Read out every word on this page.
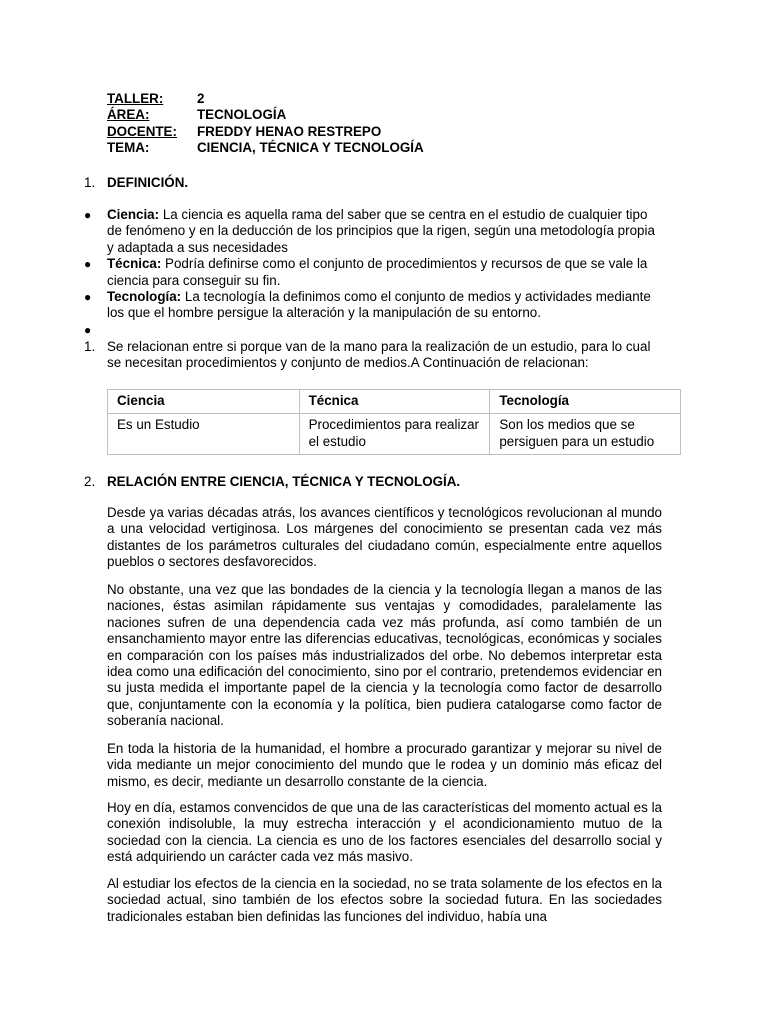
TALLER:	2
ÁREA:	TECNOLOGÍA
DOCENTE: FREDDY HENAO RESTREPO
TEMA:	CIENCIA, TÉCNICA Y TECNOLOGÍA
1. DEFINICIÓN.
● Ciencia: La ciencia es aquella rama del saber que se centra en el estudio de cualquier tipo de fenómeno y en la deducción de los principios que la rigen, según una metodología propia y adaptada a sus necesidades
● Técnica: Podría definirse como el conjunto de procedimientos y recursos de que se vale la ciencia para conseguir su fin.
● Tecnología: La tecnología la definimos como el conjunto de medios y actividades mediante los que el hombre persigue la alteración y la manipulación de su entorno.
●
1. Se relacionan entre si porque van de la mano para la realización de un estudio, para lo cual se necesitan procedimientos y conjunto de medios.A Continuación de relacionan:
Ciencia	Técnica	Tecnología
Es un Estudio	Procedimientos para realizar el estudio	Son los medios que se persiguen para un estudio
2. RELACIÓN ENTRE CIENCIA, TÉCNICA Y TECNOLOGÍA.

Desde ya varias décadas atrás, los avances científicos y tecnológicos revolucionan al mundo a una velocidad vertiginosa. Los márgenes del conocimiento se presentan cada vez más distantes de los parámetros culturales del ciudadano común, especialmente entre aquellos pueblos o sectores desfavorecidos.

No obstante, una vez que las bondades de la ciencia y la tecnología llegan a manos de las naciones, éstas asimilan rápidamente sus ventajas y comodidades, paralelamente las naciones sufren de una dependencia cada vez más profunda, así como también de un ensanchamiento mayor entre las diferencias educativas, tecnológicas, económicas y sociales en comparación con los países más industrializados del orbe. No debemos interpretar esta idea como una edificación del conocimiento, sino por el contrario, pretendemos evidenciar en su justa medida el importante papel de la ciencia y la tecnología como factor de desarrollo que, conjuntamente con la economía y la política, bien pudiera catalogarse como factor de soberanía nacional.

En toda la historia de la humanidad, el hombre a procurado garantizar y mejorar su nivel de vida mediante un mejor conocimiento del mundo que le rodea y un dominio más eficaz del mismo, es decir, mediante un desarrollo constante de la ciencia.

Hoy en día, estamos convencidos de que una de las características del momento actual es la conexión indisoluble, la muy estrecha interacción y el acondicionamiento mutuo de la sociedad con la ciencia. La ciencia es uno de los factores esenciales del desarrollo social y está adquiriendo un carácter cada vez más masivo.

Al estudiar los efectos de la ciencia en la sociedad, no se trata solamente de los efectos en la sociedad actual, sino también de los efectos sobre la sociedad futura. En las sociedades tradicionales estaban bien definidas las funciones del individuo, había una
